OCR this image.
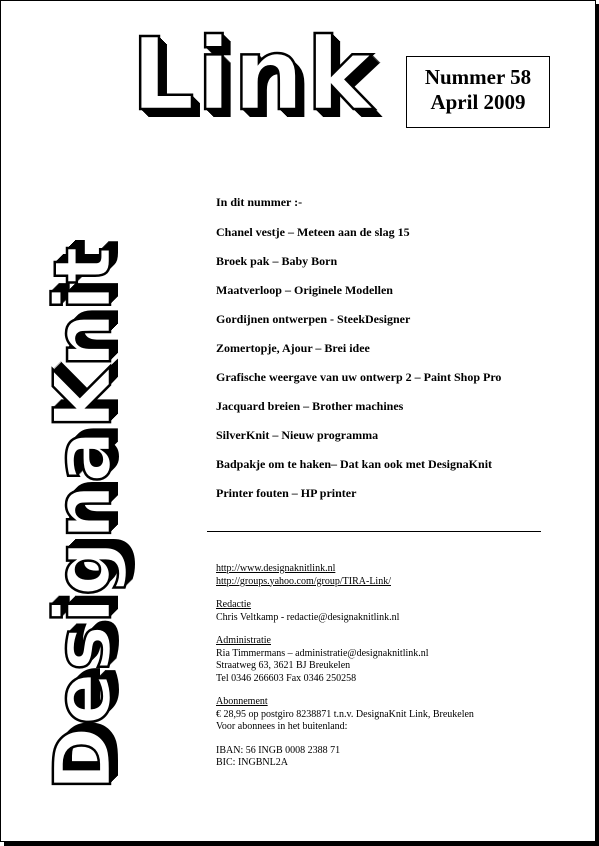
DesignaKnit
Link	Nummer 58
April 2009
In dit nummer :-
Chanel vestje – Meteen aan de slag 15
Broek pak – Baby Born
Maatverloop – Originele Modellen
Gordijnen ontwerpen - SteekDesigner
Zomertopje, Ajour – Brei idee
Grafische weergave van uw ontwerp 2 – Paint Shop Pro
Jacquard breien – Brother machines
SilverKnit – Nieuw programma
Badpakje om te haken– Dat kan ook met DesignaKnit
Printer fouten – HP printer
http://www.designaknitlink.nl
http://groups.yahoo.com/group/TIRA-Link/
Redactie
Chris Veltkamp - redactie@designaknitlink.nl
Administratie
Ria Timmermans – administratie@designaknitlink.nl
Straatweg 63, 3621 BJ Breukelen
Tel 0346 266603 Fax 0346 250258
Abonnement
€ 28,95 op postgiro 8238871 t.n.v. DesignaKnit Link, Breukelen
Voor abonnees in het buitenland:
IBAN: 56 INGB 0008 2388 71
BIC: INGBNL2A
